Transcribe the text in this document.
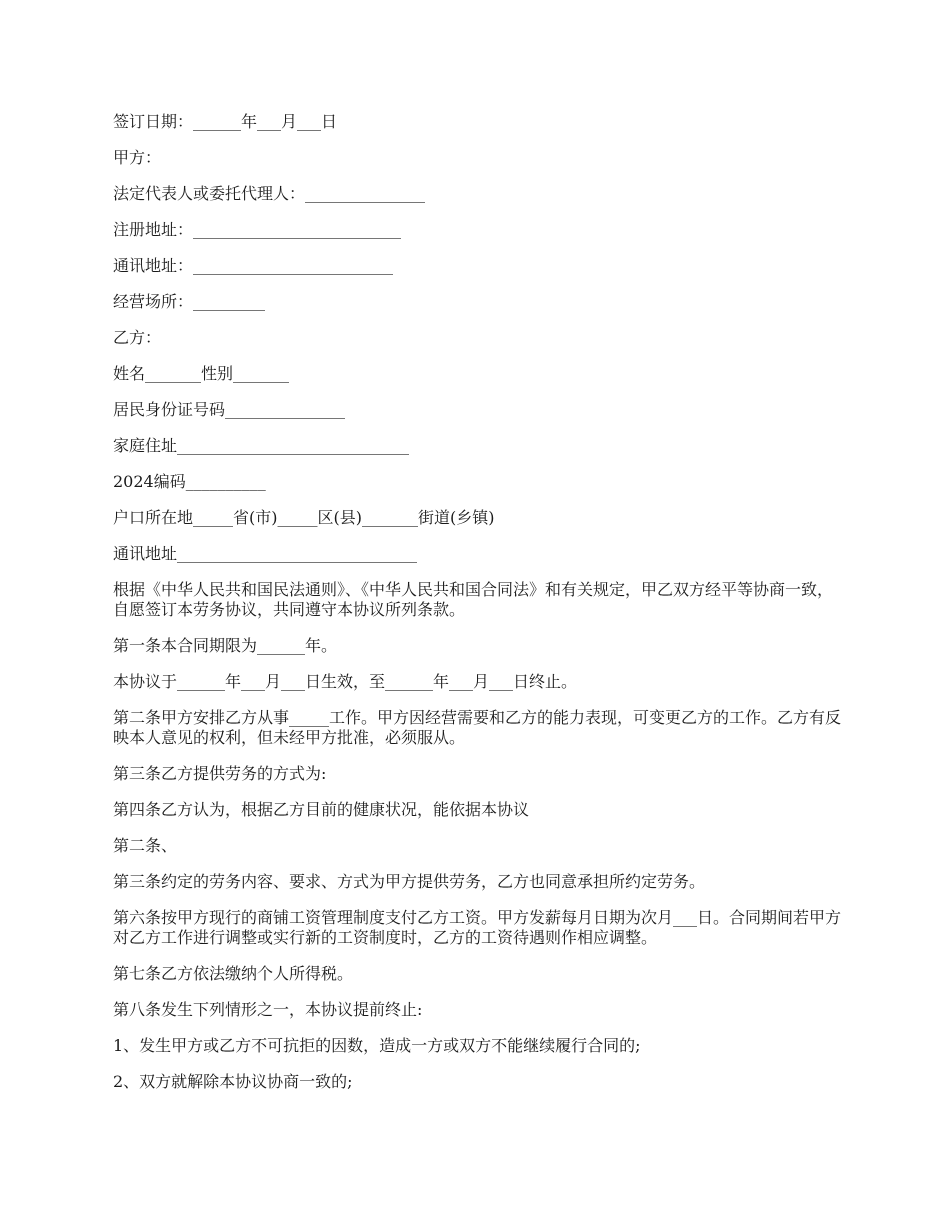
签订日期：______年___月___日

甲方：

法定代表人或委托代理人：_______________

注册地址：__________________________

通讯地址：_________________________

经营场所：_________

乙方：

姓名_______性别_______

居民身份证号码_______________

家庭住址_____________________________

2024编码__________

户口所在地_____省(市)_____区(县)_______街道(乡镇)

通讯地址______________________________

根据《中华人民共和国民法通则》、《中华人民共和国合同法》和有关规定，甲乙双方经平等协商一致，自愿签订本劳务协议，共同遵守本协议所列条款。

第一条本合同期限为______年。

本协议于______年___月___日生效，至______年___月___日终止。

第二条甲方安排乙方从事_____工作。甲方因经营需要和乙方的能力表现，可变更乙方的工作。乙方有反映本人意见的权利，但未经甲方批准，必须服从。

第三条乙方提供劳务的方式为:

第四条乙方认为，根据乙方目前的健康状况，能依据本协议

第二条、

第三条约定的劳务内容、要求、方式为甲方提供劳务，乙方也同意承担所约定劳务。

第六条按甲方现行的商铺工资管理制度支付乙方工资。甲方发薪每月日期为次月___日。合同期间若甲方对乙方工作进行调整或实行新的工资制度时，乙方的工资待遇则作相应调整。

第七条乙方依法缴纳个人所得税。

第八条发生下列情形之一，本协议提前终止:

1、发生甲方或乙方不可抗拒的因数，造成一方或双方不能继续履行合同的;

2、双方就解除本协议协商一致的;
